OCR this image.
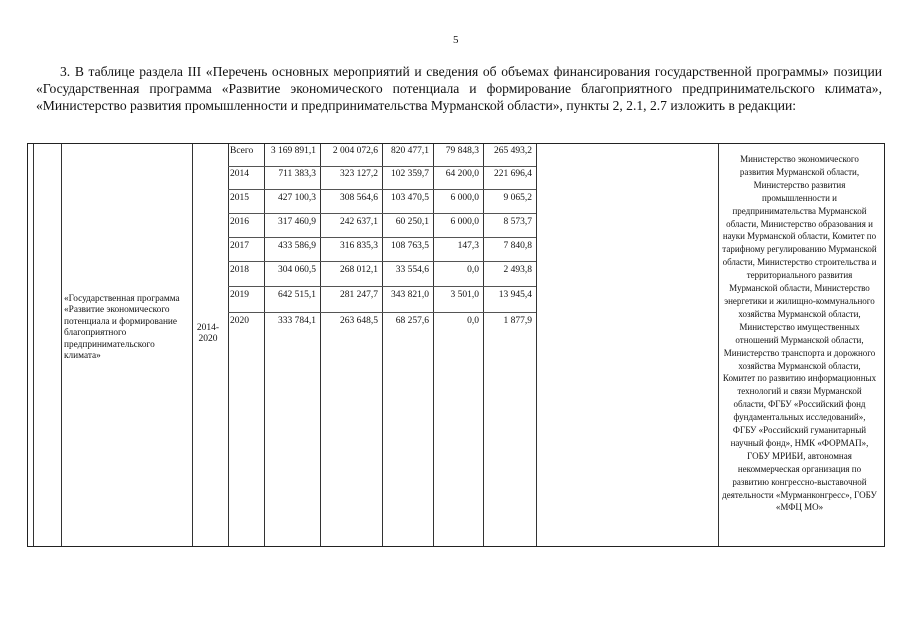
5
3. В таблице раздела III «Перечень основных мероприятий и сведения об объемах финансирования государственной программы» позиции «Государственная программа «Развитие экономического потенциала и формирование благоприятного предпринимательского климата», «Министерство развития промышленности и предпринимательства Мурманской области», пункты 2, 2.1, 2.7 изложить в редакции:
«Государственная программа «Развитие экономического потенциала и формирование благоприятного предпринимательского климата»
2014-2020
Всего	3 169 891,1	2 004 072,6	820 477,1	79 848,3	265 493,2
2014	711 383,3	323 127,2	102 359,7	64 200,0	221 696,4
2015	427 100,3	308 564,6	103 470,5	6 000,0	9 065,2
2016	317 460,9	242 637,1	60 250,1	6 000,0	8 573,7
2017	433 586,9	316 835,3	108 763,5	147,3	7 840,8
2018	304 060,5	268 012,1	33 554,6	0,0	2 493,8
2019	642 515,1	281 247,7	343 821,0	3 501,0	13 945,4
2020	333 784,1	263 648,5	68 257,6	0,0	1 877,9
Министерство экономического развития Мурманской области, Министерство развития промышленности и предпринимательства Мурманской области, Министерство образования и науки Мурманской области, Комитет по тарифному регулированию Мурманской области, Министерство строительства и территориального развития Мурманской области, Министерство энергетики и жилищно-коммунального хозяйства Мурманской области, Министерство имущественных отношений Мурманской области, Министерство транспорта и дорожного хозяйства Мурманской области, Комитет по развитию информационных технологий и связи Мурманской области, ФГБУ «Российский фонд фундаментальных исследований», ФГБУ «Российский гуманитарный научный фонд», НМК «ФОРМАП», ГОБУ МРИБИ, автономная некоммерческая организация по развитию конгрессно-выставочной деятельности «Мурманконгресс», ГОБУ «МФЦ МО»
